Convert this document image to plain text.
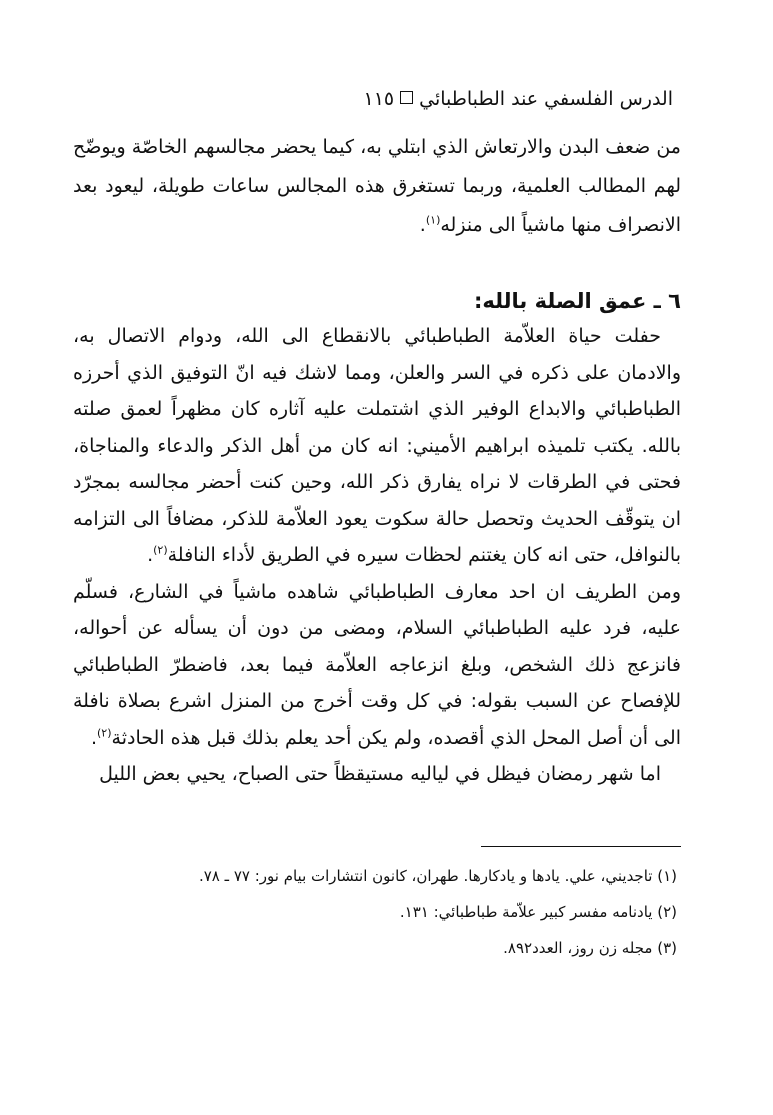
الدرس الفلسفي عند الطباطبائي١١٥

من ضعف البدن والارتعاش الذي ابتلي به، كيما يحضر مجالسهم الخاصّة ويوضّح لهم المطالب العلمية، وربما تستغرق هذه المجالس ساعات طويلة، ليعود بعد الانصراف منها ماشياً الى منزله$^{(١)}$.

٦ ـ عمق الصلة بالله:

حفلت حياة العلاّمة الطباطبائي بالانقطاع الى الله، ودوام الاتصال به، والادمان على ذكره في السر والعلن، ومما لاشك فيه انّ التوفيق الذي أحرزه الطباطبائي والابداع الوفير الذي اشتملت عليه آثاره كان مظهراً لعمق صلته بالله. يكتب تلميذه ابراهيم الأميني: انه كان من أهل الذكر والدعاء والمناجاة، فحتى في الطرقات لا نراه يفارق ذكر الله، وحين كنت أحضر مجالسه بمجرّد ان يتوقّف الحديث وتحصل حالة سكوت يعود العلاّمة للذكر، مضافاً الى التزامه بالنوافل، حتى انه كان يغتنم لحظات سيره في الطريق لأداء النافلة$^{(٢)}$.

ومن الطريف ان احد معارف الطباطبائي شاهده ماشياً في الشارع، فسلّم عليه، فرد عليه الطباطبائي السلام، ومضى من دون أن يسأله عن أحواله، فانزعج ذلك الشخص، وبلغ انزعاجه العلاّمة فيما بعد، فاضطرّ الطباطبائي للإفصاح عن السبب بقوله: في كل وقت أخرج من المنزل اشرع بصلاة نافلة الى أن أصل المحل الذي أقصده، ولم يكن أحد يعلم بذلك قبل هذه الحادثة$^{(٢)}$.

اما شهر رمضان فيظل في لياليه مستيقظاً حتى الصباح، يحيي بعض الليل

(١) تاجديني، علي. يادها و يادكارها. طهران، كانون انتشارات بيام نور: ٧٧ ـ ٧٨.

(٢) يادنامه مفسر كبير علاّمة طباطبائي: ١٣١.

(٣) مجله زن روز، العدد٨٩٢.
